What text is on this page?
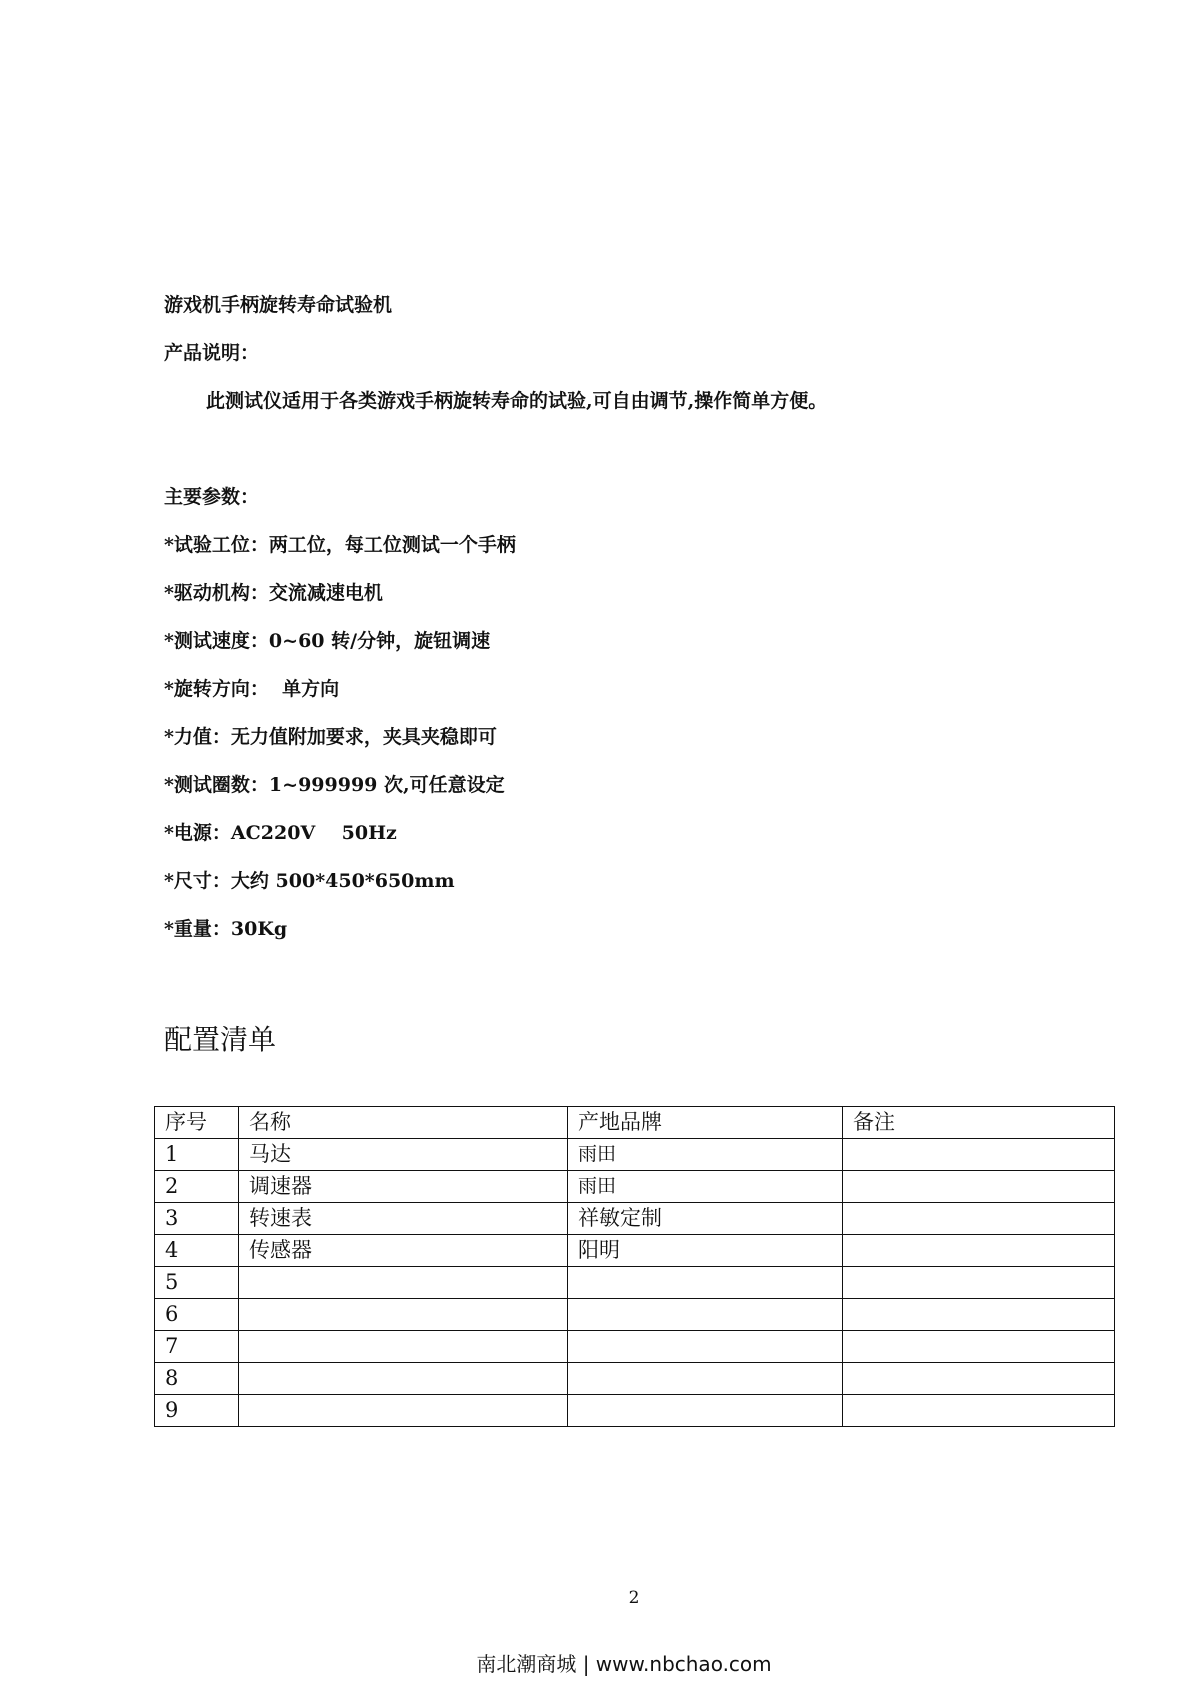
游戏机手柄旋转寿命试验机
产品说明：
此测试仪适用于各类游戏手柄旋转寿命的试验,可自由调节,操作简单方便。
主要参数：
*试验工位：两工位，每工位测试一个手柄
*驱动机构：交流减速电机
*测试速度：0~60 转/分钟，旋钮调速
*旋转方向：  单方向
*力值：无力值附加要求，夹具夹稳即可
*测试圈数：1~999999 次,可任意设定
*电源：AC220V    50Hz
*尺寸：大约 500*450*650mm
*重量：30Kg
配置清单
序号	名称	产地品牌	备注
1	马达	雨田	
2	调速器	雨田	
3	转速表	祥敏定制	
4	传感器	阳明	
5			
6			
7			
8			
9			
2
南北潮商城 | www.nbchao.com
